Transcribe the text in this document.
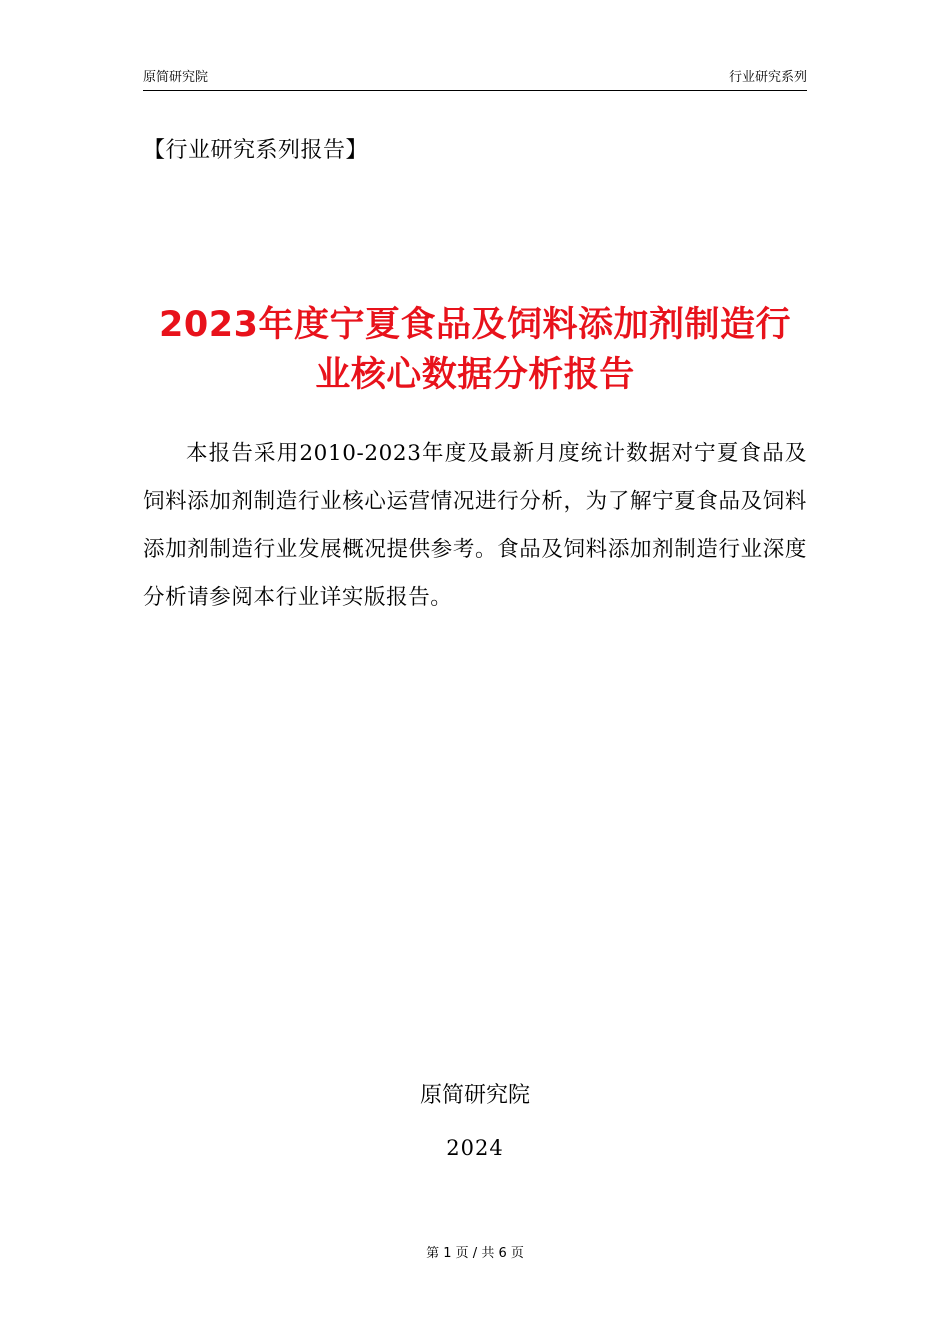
原简研究院	行业研究系列

【行业研究系列报告】

2023年度宁夏食品及饲料添加剂制造行业核心数据分析报告

本报告采用2010-2023年度及最新月度统计数据对宁夏食品及饲料添加剂制造行业核心运营情况进行分析，为了解宁夏食品及饲料添加剂制造行业发展概况提供参考。食品及饲料添加剂制造行业深度分析请参阅本行业详实版报告。

原简研究院
2024
第 1 页 / 共 6 页
